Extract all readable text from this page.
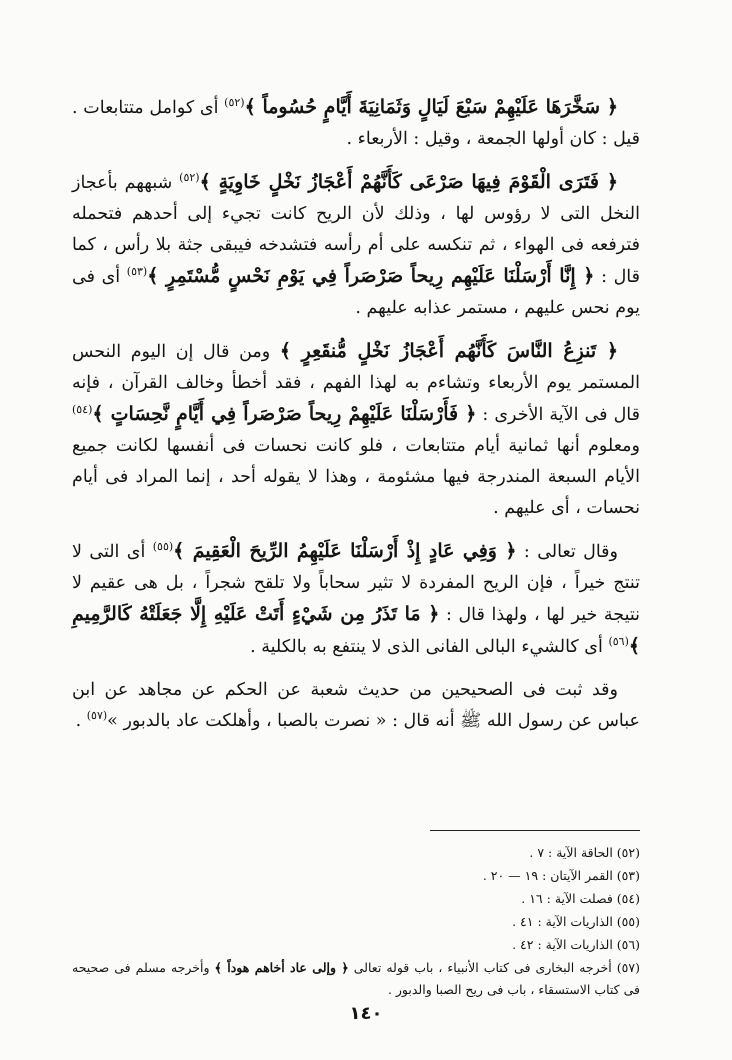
﴿ سَخَّرَهَا عَلَيْهِمْ سَبْعَ لَيَالٍ وَثَمَانِيَةَ أَيَّامٍ حُسُوماً ﴾$^{(٥٢)}$ أى كوامل متتابعات . قيل : كان أولها الجمعة ، وقيل : الأربعاء .

﴿ فَتَرَى الْقَوْمَ فِيهَا صَرْعَى كَأَنَّهُمْ أَعْجَازُ نَخْلٍ خَاوِيَةٍ ﴾$^{(٥٢)}$ شبههم بأعجاز النخل التى لا رؤوس لها ، وذلك لأن الريح كانت تجيء إلى أحدهم فتحمله فترفعه فى الهواء ، ثم تنكسه على أم رأسه فتشدخه فيبقى جثة بلا رأس ، كما قال : ﴿ إِنَّا أَرْسَلْنَا عَلَيْهِم رِيحاً صَرْصَراً فِي يَوْمِ نَحْسٍ مُّسْتَمِرٍ ﴾$^{(٥٣)}$ أى فى يوم نحس عليهم ، مستمر عذابه عليهم .

﴿ تَنزِعُ النَّاسَ كَأَنَّهُم أَعْجَازُ نَخْلٍ مُّنقَعِرٍ ﴾ ومن قال إن اليوم النحس المستمر يوم الأربعاء وتشاءم به لهذا الفهم ، فقد أخطأ وخالف القرآن ، فإنه قال فى الآية الأخرى : ﴿ فَأَرْسَلْنَا عَلَيْهِمْ رِيحاً صَرْصَراً فِي أَيَّامٍ نَّحِسَاتٍ ﴾$^{(٥٤)}$ ومعلوم أنها ثمانية أيام متتابعات ، فلو كانت نحسات فى أنفسها لكانت جميع الأيام السبعة المندرجة فيها مشئومة ، وهذا لا يقوله أحد ، إنما المراد فى أيام نحسات ، أى عليهم .

وقال تعالى : ﴿ وَفِي عَادٍ إِذْ أَرْسَلْنَا عَلَيْهِمُ الرِّيحَ الْعَقِيمَ ﴾$^{(٥٥)}$ أى التى لا تنتج خيراً ، فإن الريح المفردة لا تثير سحاباً ولا تلقح شجراً ، بل هى عقيم لا نتيجة خير لها ، ولهذا قال : ﴿ مَا تَذَرُ مِن شَيْءٍ أَتَتْ عَلَيْهِ إِلَّا جَعَلَتْهُ كَالرَّمِيمِ ﴾$^{(٥٦)}$ أى كالشيء البالى الفانى الذى لا ينتفع به بالكلية .

وقد ثبت فى الصحيحين من حديث شعبة عن الحكم عن مجاهد عن ابن عباس عن رسول الله ﷺ أنه قال : « نصرت بالصبا ، وأهلكت عاد بالدبور »$^{(٥٧)}$ .

(٥٢) الحاقة الآية : ٧ .
(٥٣) القمر الآيتان : ١٩ — ٢٠ .
(٥٤) فصلت الآية : ١٦ .
(٥٥) الذاريات الآية : ٤١ .
(٥٦) الذاريات الآية : ٤٢ .
(٥٧) أخرجه البخارى فى كتاب الأنبياء ، باب قوله تعالى ﴿ وإلى عاد أخاهم هوداً ﴾ وأخرجه مسلم فى صحيحه فى كتاب الاستسقاء ، باب فى ريح الصبا والدبور .
١٤٠
